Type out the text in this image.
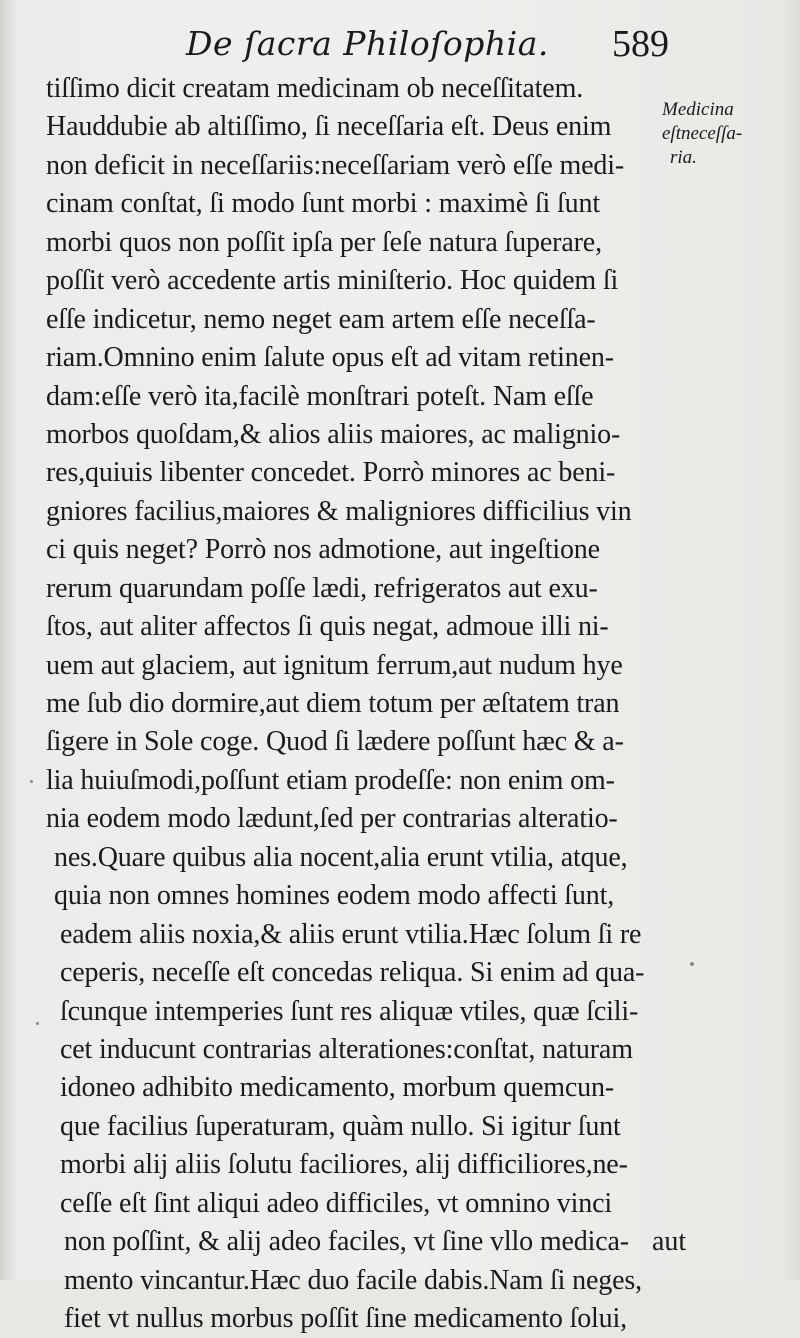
De ſacra Philoſophia. 589
Medicina
eſtneceſſa-
ria.
tiſſimo dicit creatam medicinam ob neceſſitatem.
Hauddubie ab altiſſimo, ſi neceſſaria eſt. Deus enim
non deficit in neceſſariis:neceſſariam verò eſſe medi-
cinam conſtat, ſi modo ſunt morbi : maximè ſi ſunt
morbi quos non poſſit ipſa per ſeſe natura ſuperare,
poſſit verò accedente artis miniſterio. Hoc quidem ſi
eſſe indicetur, nemo neget eam artem eſſe neceſſa-
riam.Omnino enim ſalute opus eſt ad vitam retinen-
dam:eſſe verò ita,facilè monſtrari poteſt. Nam eſſe
morbos quoſdam,& alios aliis maiores, ac malignio-
res,quiuis libenter concedet. Porrò minores ac beni-
gniores facilius,maiores & maligniores difficilius vin
ci quis neget? Porrò nos admotione, aut ingeſtione
rerum quarundam poſſe lædi, refrigeratos aut exu-
ſtos, aut aliter affectos ſi quis negat, admoue illi ni-
uem aut glaciem, aut ignitum ferrum,aut nudum hye
me ſub dio dormire,aut diem totum per æſtatem tran
ſigere in Sole coge. Quod ſi lædere poſſunt hæc & a-
lia huiuſmodi,poſſunt etiam prodeſſe: non enim om-
nia eodem modo lædunt,ſed per contrarias alteratio-
nes.Quare quibus alia nocent,alia erunt vtilia, atque,
quia non omnes homines eodem modo affecti ſunt,
eadem aliis noxia,& aliis erunt vtilia.Hæc ſolum ſi re
ceperis, neceſſe eſt concedas reliqua. Si enim ad qua-
ſcunque intemperies ſunt res aliquæ vtiles, quæ ſcili-
cet inducunt contrarias alterationes:conſtat, naturam
idoneo adhibito medicamento, morbum quemcun-
que facilius ſuperaturam, quàm nullo. Si igitur ſunt
morbi alij aliis ſolutu faciliores, alij difficiliores,ne-
ceſſe eſt ſint aliqui adeo difficiles, vt omnino vinci
non poſſint, & alij adeo faciles, vt ſine vllo medica-
mento vincantur.Hæc duo facile dabis.Nam ſi neges,
fiet vt nullus morbus poſſit ſine medicamento ſolui,
aut
